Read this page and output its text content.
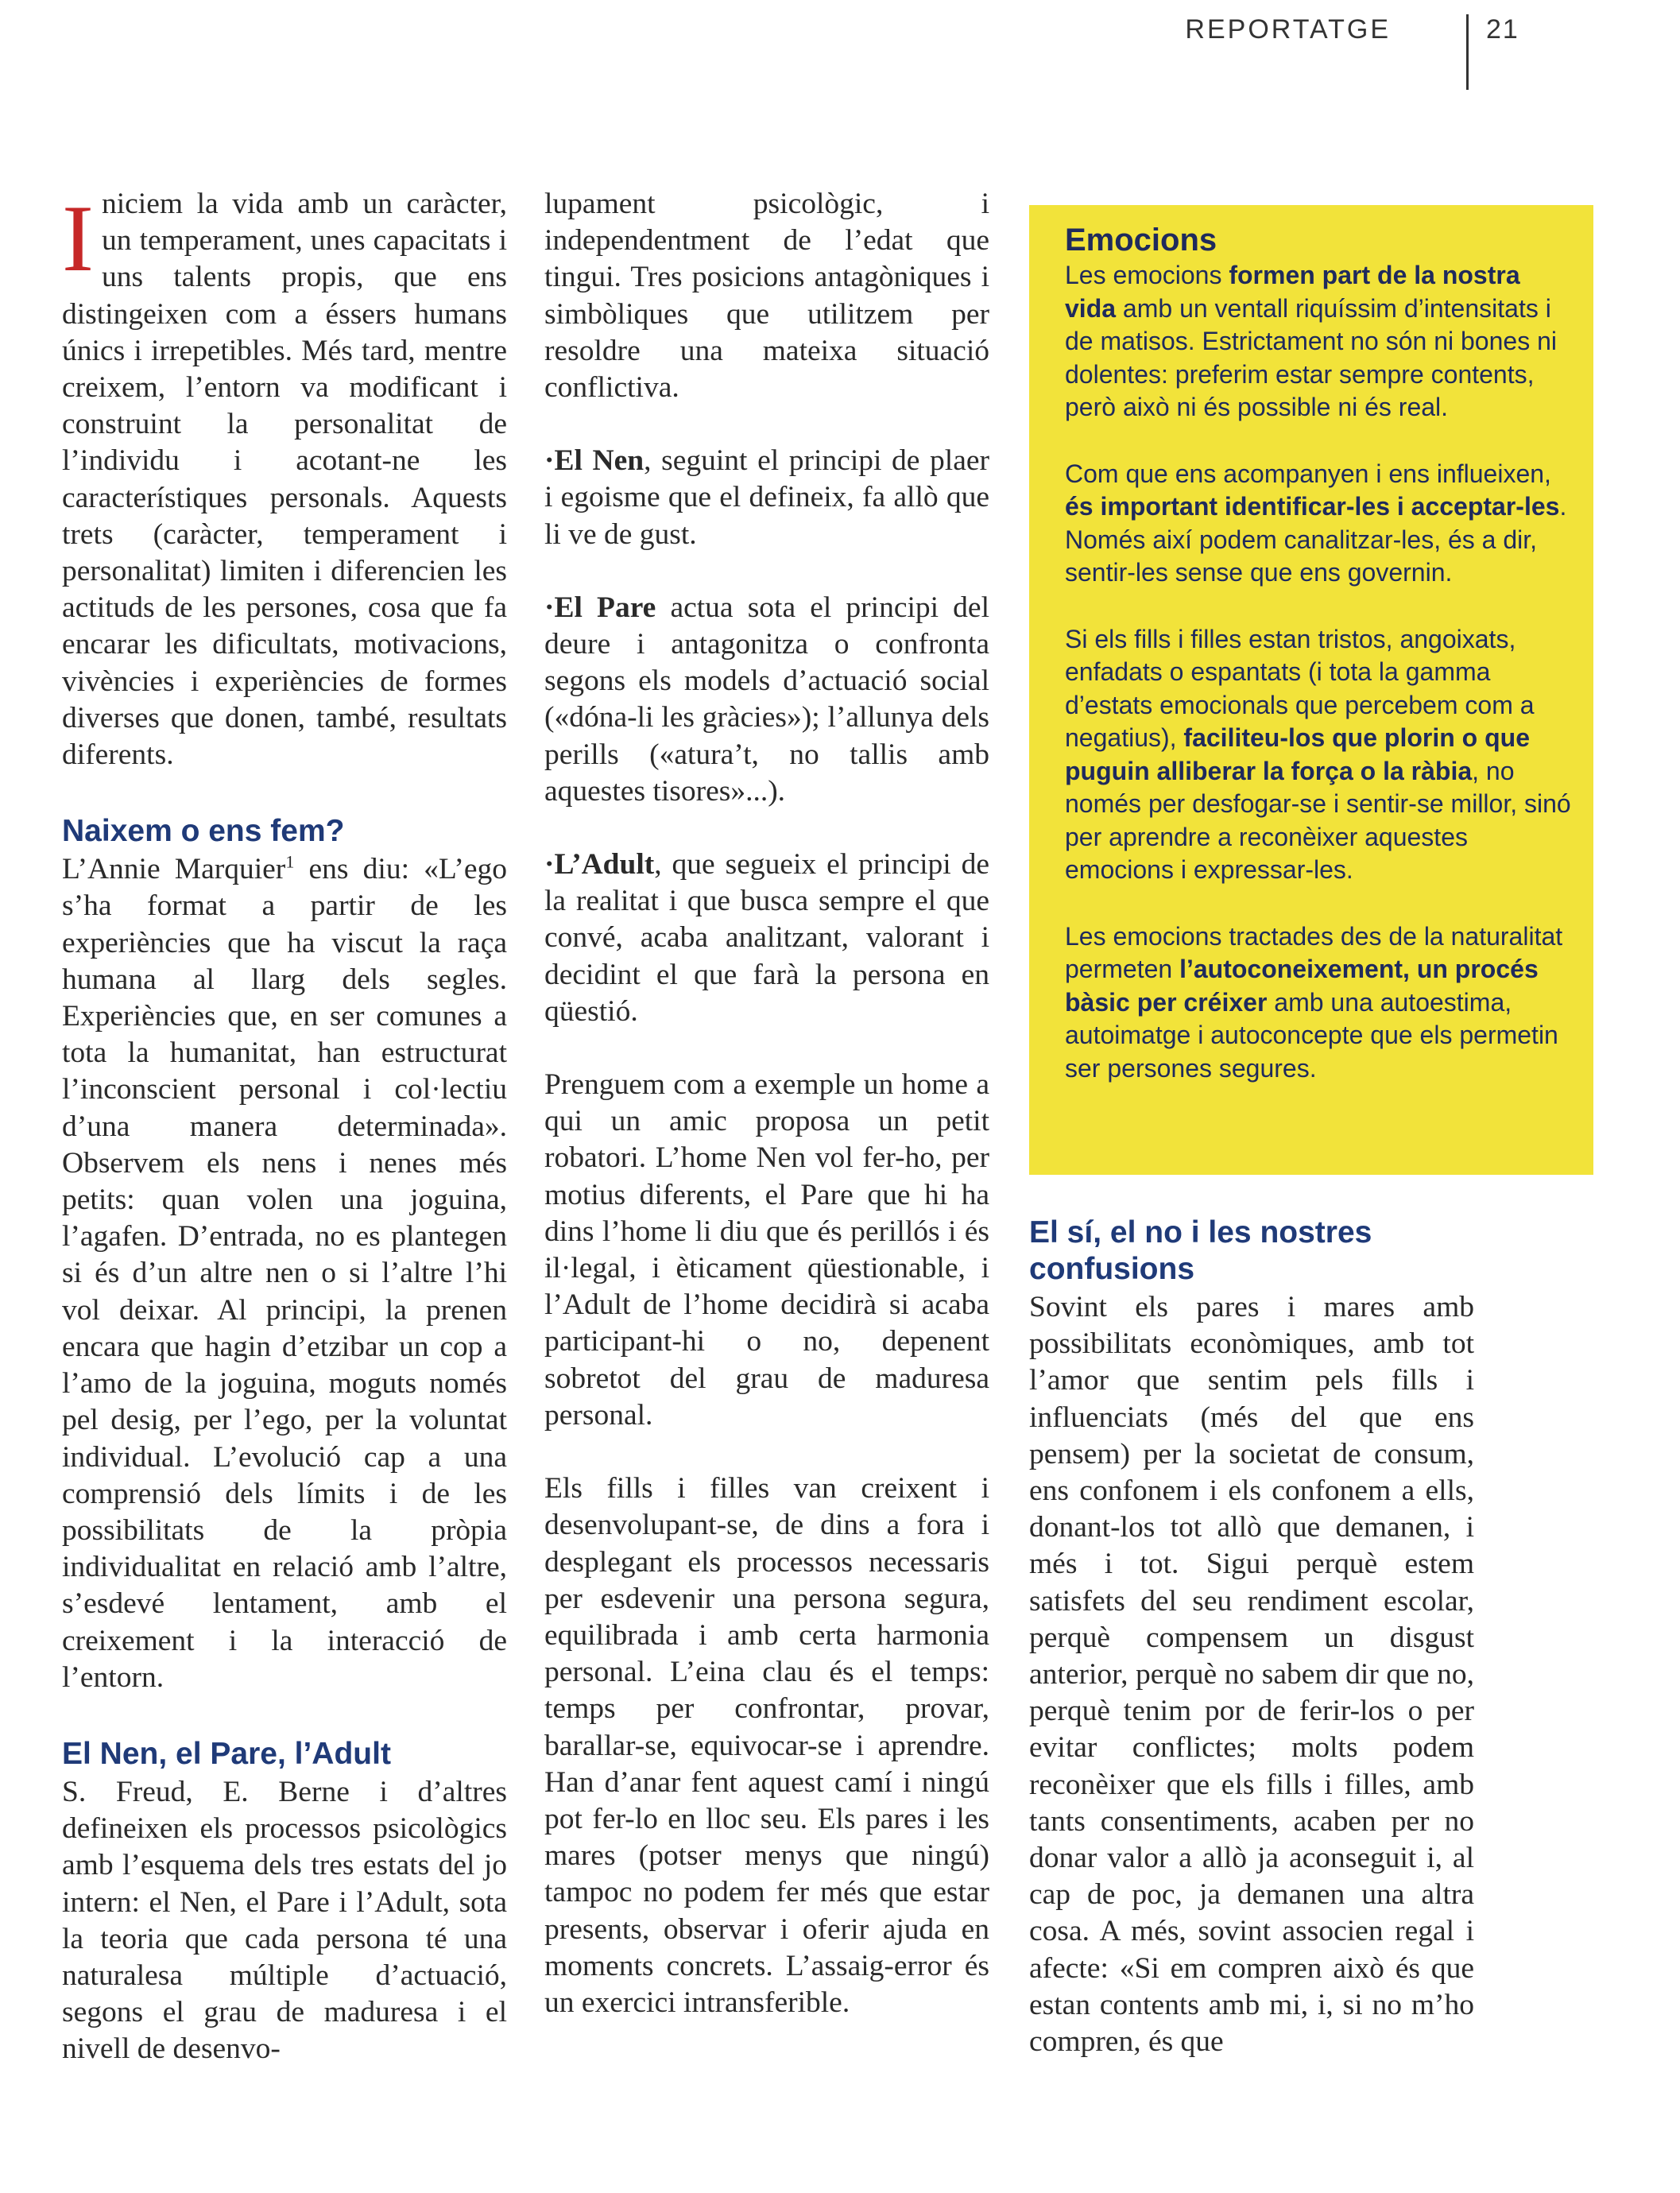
REPORTATGE	21

Iniciem la vida amb un caràcter, un temperament, unes capacitats i uns talents propis, que ens distingeixen com a éssers humans únics i irrepetibles. Més tard, mentre creixem, l’entorn va modificant i construint la personalitat de l’individu i acotant-ne les característiques personals. Aquests trets (caràcter, temperament i personalitat) limiten i diferencien les actituds de les persones, cosa que fa encarar les dificultats, motivacions, vivències i experiències de formes diverses que donen, també, resultats diferents.

Naixem o ens fem?

L’Annie Marquier$^1$ ens diu: «L’ego s’ha format a partir de les experiències que ha viscut la raça humana al llarg dels segles. Experiències que, en ser comunes a tota la humanitat, han estructurat l’inconscient personal i col·lectiu d’una manera determinada». Observem els nens i nenes més petits: quan volen una joguina, l’agafen. D’entrada, no es plantegen si és d’un altre nen o si l’altre l’hi vol deixar. Al principi, la prenen encara que hagin d’etzibar un cop a l’amo de la joguina, moguts només pel desig, per l’ego, per la voluntat individual. L’evolució cap a una comprensió dels límits i de les possibilitats de la pròpia individualitat en relació amb l’altre, s’esdevé lentament, amb el creixement i la interacció de l’entorn.

El Nen, el Pare, l’Adult

S. Freud, E. Berne i d’altres defineixen els processos psicològics amb l’esquema dels tres estats del jo intern: el Nen, el Pare i l’Adult, sota la teoria que cada persona té una naturalesa múltiple d’actuació, segons el grau de maduresa i el nivell de desenvo-

lupament psicològic, i independentment de l’edat que tingui. Tres posicions antagòniques i simbòliques que utilitzem per resoldre una mateixa situació conflictiva.

·El Nen, seguint el principi de plaer i egoisme que el defineix, fa allò que li ve de gust.

·El Pare actua sota el principi del deure i antagonitza o confronta segons els models d’actuació social («dóna-li les gràcies»); l’allunya dels perills («atura’t, no tallis amb aquestes tisores»...).

·L’Adult, que segueix el principi de la realitat i que busca sempre el que convé, acaba analitzant, valorant i decidint el que farà la persona en qüestió.

Prenguem com a exemple un home a qui un amic proposa un petit robatori. L’home Nen vol fer-ho, per motius diferents, el Pare que hi ha dins l’home li diu que és perillós i és il·legal, i èticament qüestionable, i l’Adult de l’home decidirà si acaba participant-hi o no, depenent sobretot del grau de maduresa personal.

Els fills i filles van creixent i desenvolupant-se, de dins a fora i desplegant els processos necessaris per esdevenir una persona segura, equilibrada i amb certa harmonia personal. L’eina clau és el temps: temps per confrontar, provar, barallar-se, equivocar-se i aprendre. Han d’anar fent aquest camí i ningú pot fer-lo en lloc seu. Els pares i les mares (potser menys que ningú) tampoc no podem fer més que estar presents, observar i oferir ajuda en moments concrets. L’assaig-error és un exercici intransferible.

Emocions

Les emocions formen part de la nostra vida amb un ventall riquíssim d’intensitats i de matisos. Estrictament no són ni bones ni dolentes: preferim estar sempre contents, però això ni és possible ni és real.

Com que ens acompanyen i ens influeixen, és important identificar-les i acceptar-les. Només així podem canalitzar-les, és a dir, sentir-les sense que ens governin.

Si els fills i filles estan tristos, angoixats, enfadats o espantats (i tota la gamma d’estats emocionals que percebem com a negatius), faciliteu-los que plorin o que puguin alliberar la força o la ràbia, no només per desfogar-se i sentir-se millor, sinó per aprendre a reconèixer aquestes emocions i expressar-les.

Les emocions tractades des de la naturalitat permeten l’autoconeixement, un procés bàsic per créixer amb una autoestima, autoimatge i autoconcepte que els permetin ser persones segures.

El sí, el no i les nostres confusions

Sovint els pares i mares amb possibilitats econòmiques, amb tot l’amor que sentim pels fills i influenciats (més del que ens pensem) per la societat de consum, ens confonem i els confonem a ells, donant-los tot allò que demanen, i més i tot. Sigui perquè estem satisfets del seu rendiment escolar, perquè compensem un disgust anterior, perquè no sabem dir que no, perquè tenim por de ferir-los o per evitar conflictes; molts podem reconèixer que els fills i filles, amb tants consentiments, acaben per no donar valor a allò ja aconseguit i, al cap de poc, ja demanen una altra cosa. A més, sovint associen regal i afecte: «Si em compren això és que estan contents amb mi, i, si no m’ho compren, és que
